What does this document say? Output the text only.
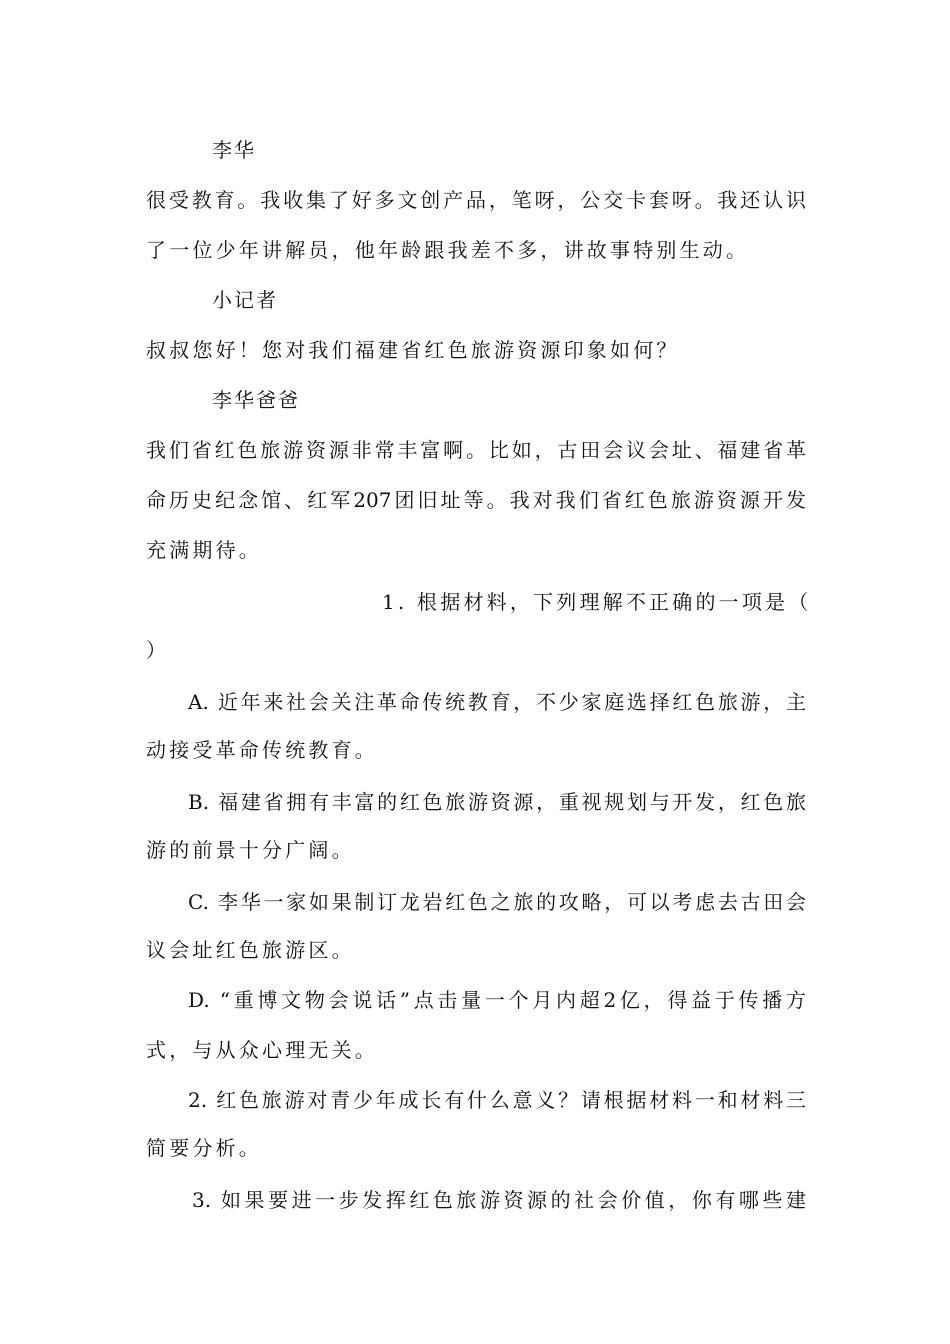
李华
很受教育。我收集了好多文创产品，笔呀，公交卡套呀。我还认识
了一位少年讲解员，他年龄跟我差不多，讲故事特别生动。
小记者
叔叔您好！您对我们福建省红色旅游资源印象如何？
李华爸爸
我们省红色旅游资源非常丰富啊。比如，古田会议会址、福建省革
命历史纪念馆、红军207团旧址等。我对我们省红色旅游资源开发
充满期待。
1. 根据材料，下列理解不正确的一项是（
）
A. 近年来社会关注革命传统教育，不少家庭选择红色旅游，主
动接受革命传统教育。
B. 福建省拥有丰富的红色旅游资源，重视规划与开发，红色旅
游的前景十分广阔。
C. 李华一家如果制订龙岩红色之旅的攻略，可以考虑去古田会
议会址红色旅游区。
D. “重博文物会说话”点击量一个月内超2亿，得益于传播方
式，与从众心理无关。
2. 红色旅游对青少年成长有什么意义？请根据材料一和材料三
简要分析。
3. 如果要进一步发挥红色旅游资源的社会价值，你有哪些建
